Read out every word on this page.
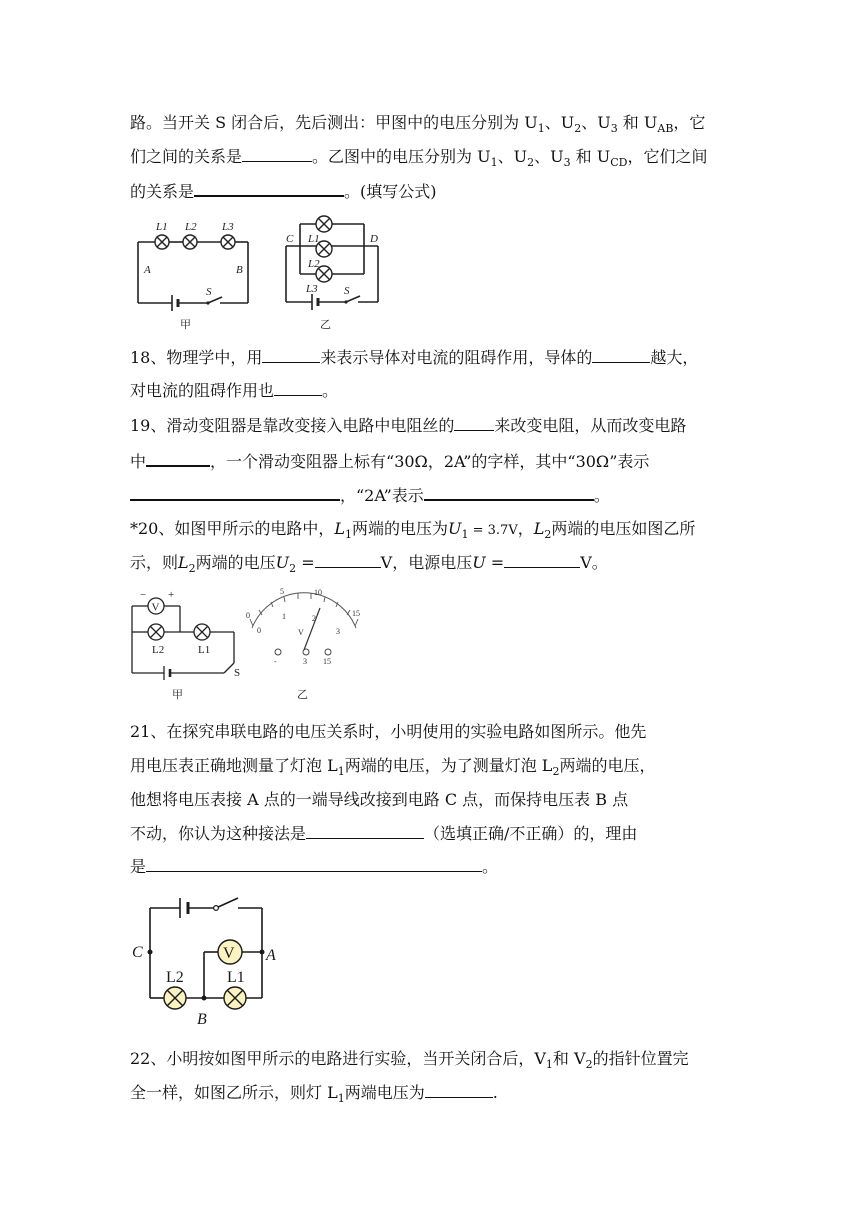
路。当开关 S 闭合后，先后测出：甲图中的电压分别为 $U_1$、$U_2$、$U_3$ 和 $U_{AB}$，它
们之间的关系是	。乙图中的电压分别为 $U_1$、$U_2$、$U_3$ 和 $U_{CD}$，它们之间
的关系是	。(填写公式)
L1 L2 L3
A	B
S
甲
C	D
L1
L2
L3 S
乙
18、物理学中，用	来表示导体对电流的阻碍作用，导体的	越大，
对电流的阻碍作用也	。
19、滑动变阻器是靠改变接入电路中电阻丝的	来改变电阻，从而改变电路
中	，一个滑动变阻器上标有“30Ω，2A”的字样，其中“30Ω”表示
，“2A”表示	。
*20、如图甲所示的电路中，$L_1$两端的电压为$U_1 = 3.7V$，$L_2$两端的电压如图乙所
示，则$L_2$两端的电压$U_2$ =	V，电源电压U =	V。
V
− +
L2	L1
S
甲
0
5	10
15
0
1	2
3
V
-	3 15
乙
21、在探究串联电路的电压关系时，小明使用的实验电路如图所示。他先
用电压表正确地测量了灯泡 $L_1$两端的电压，为了测量灯泡 $L_2$两端的电压，
他想将电压表接 A 点的一端导线改接到电路 C 点，而保持电压表 B 点
不动，你认为这种接法是	（选填正确/不正确）的，理由
是	。
V
C	A
B
L2	L1
22、小明按如图甲所示的电路进行实验，当开关闭合后，$V_1$和 $V_2$的指针位置完
全一样，如图乙所示，则灯 $L_1$两端电压为	.
